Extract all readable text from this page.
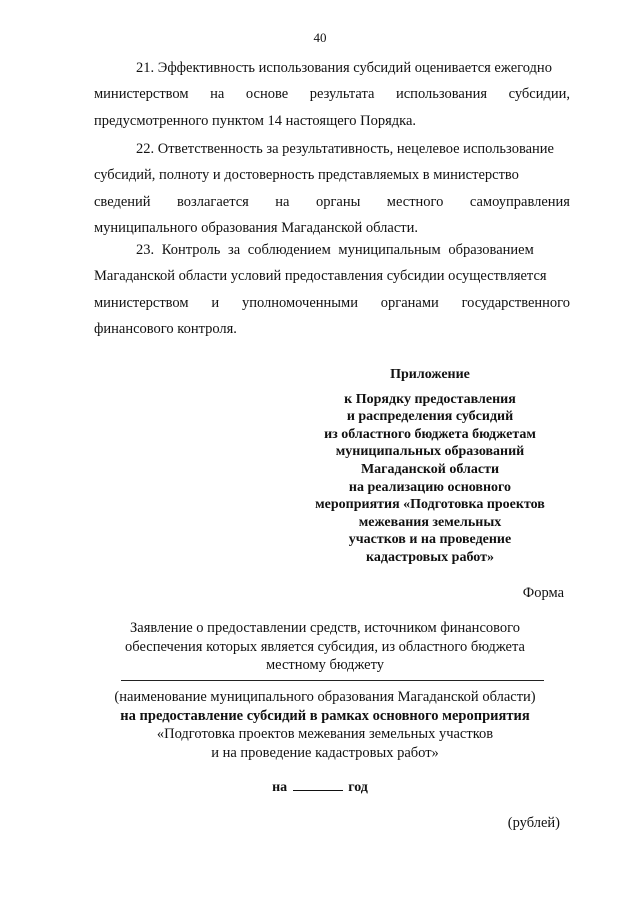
40
21. Эффективность использования субсидий оценивается ежегодно
министерством на основе результата использования субсидии,
предусмотренного пунктом 14 настоящего Порядка.
22. Ответственность за результативность, нецелевое использование
субсидий, полноту и достоверность представляемых в министерство
сведений возлагается на органы местного самоуправления
муниципального образования Магаданской области.
23. Контроль за соблюдением муниципальным образованием
Магаданской области условий предоставления субсидии осуществляется
министерством и уполномоченными органами государственного
финансового контроля.
Приложение
к Порядку предоставления
и распределения субсидий
из областного бюджета бюджетам
муниципальных образований
Магаданской области
на реализацию основного
мероприятия «Подготовка проектов
межевания земельных
участков и на проведение
кадастровых работ»
Форма
Заявление о предоставлении средств, источником финансового
обеспечения которых является субсидия, из областного бюджета
местному бюджету
(наименование муниципального образования Магаданской области)
на предоставление субсидий в рамках основного мероприятия
«Подготовка проектов межевания земельных участков
и на проведение кадастровых работ»
на	год
(рублей)
